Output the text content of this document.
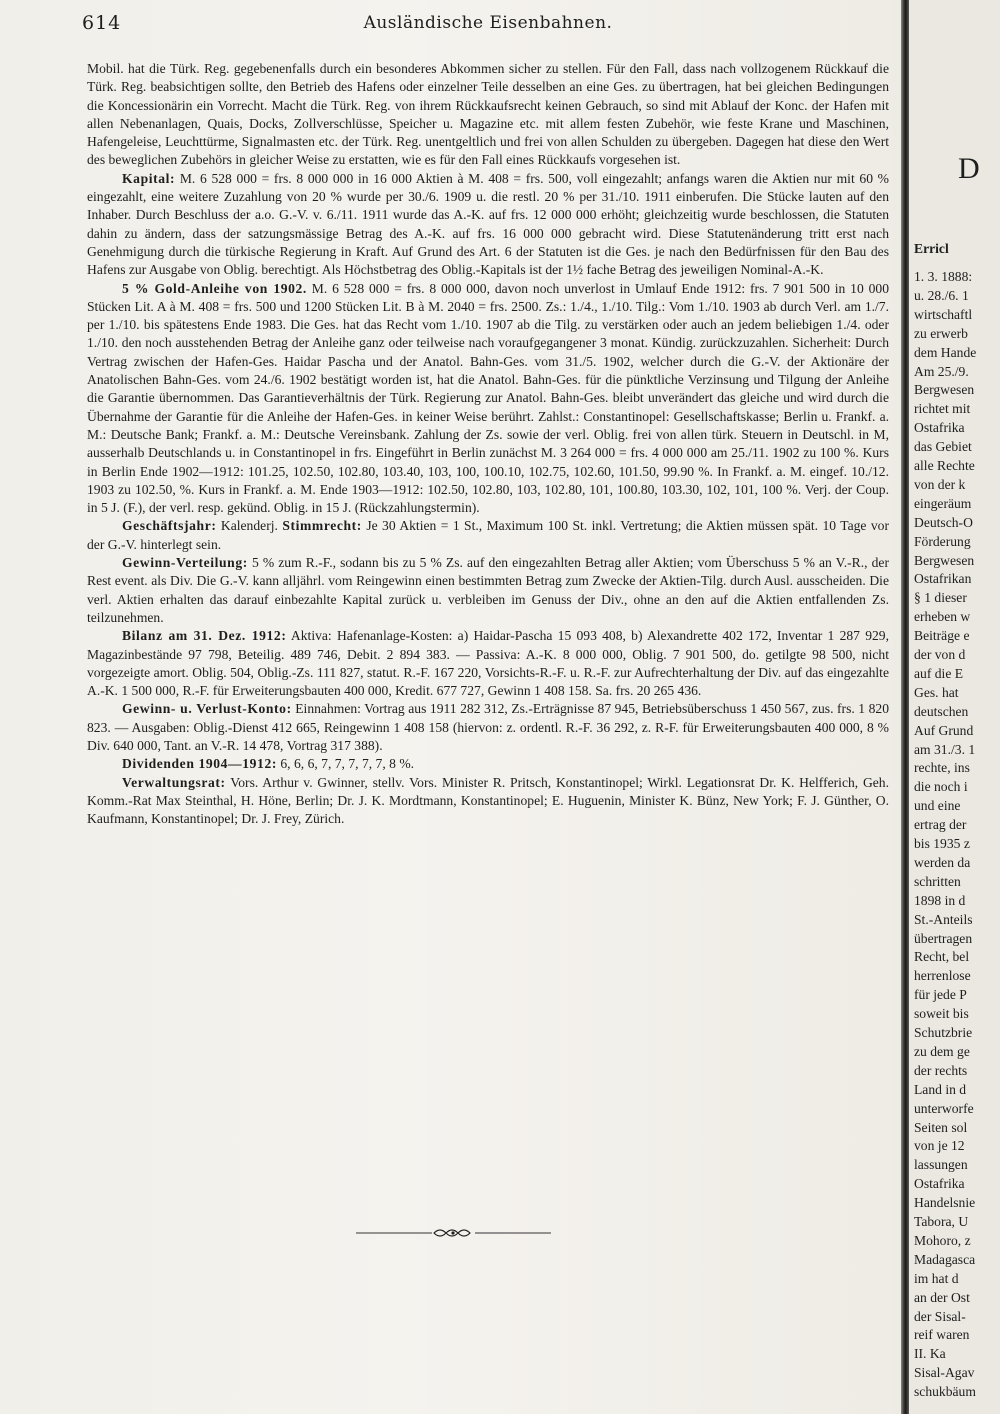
614	Ausländische Eisenbahnen.

Mobil. hat die Türk. Reg. gegebenenfalls durch ein besonderes Abkommen sicher zu stellen. Für den Fall, dass nach vollzogenem Rückkauf die Türk. Reg. beabsichtigen sollte, den Betrieb des Hafens oder einzelner Teile desselben an eine Ges. zu übertragen, hat bei gleichen Bedingungen die Koncessionärin ein Vorrecht. Macht die Türk. Reg. von ihrem Rückkaufsrecht keinen Gebrauch, so sind mit Ablauf der Konc. der Hafen mit allen Nebenanlagen, Quais, Docks, Zollverschlüsse, Speicher u. Magazine etc. mit allem festen Zubehör, wie feste Krane und Maschinen, Hafengeleise, Leuchttürme, Signalmasten etc. der Türk. Reg. unentgeltlich und frei von allen Schulden zu übergeben. Dagegen hat diese den Wert des beweglichen Zubehörs in gleicher Weise zu erstatten, wie es für den Fall eines Rückkaufs vorgesehen ist.

Kapital: M. 6 528 000 = frs. 8 000 000 in 16 000 Aktien à M. 408 = frs. 500, voll eingezahlt; anfangs waren die Aktien nur mit 60 % eingezahlt, eine weitere Zuzahlung von 20 % wurde per 30./6. 1909 u. die restl. 20 % per 31./10. 1911 einberufen. Die Stücke lauten auf den Inhaber. Durch Beschluss der a.o. G.-V. v. 6./11. 1911 wurde das A.-K. auf frs. 12 000 000 erhöht; gleichzeitig wurde beschlossen, die Statuten dahin zu ändern, dass der satzungsmässige Betrag des A.-K. auf frs. 16 000 000 gebracht wird. Diese Statutenänderung tritt erst nach Genehmigung durch die türkische Regierung in Kraft. Auf Grund des Art. 6 der Statuten ist die Ges. je nach den Bedürfnissen für den Bau des Hafens zur Ausgabe von Oblig. berechtigt. Als Höchstbetrag des Oblig.-Kapitals ist der 1½ fache Betrag des jeweiligen Nominal-A.-K.

5 % Gold-Anleihe von 1902. M. 6 528 000 = frs. 8 000 000, davon noch unverlost in Umlauf Ende 1912: frs. 7 901 500 in 10 000 Stücken Lit. A à M. 408 = frs. 500 und 1200 Stücken Lit. B à M. 2040 = frs. 2500. Zs.: 1./4., 1./10. Tilg.: Vom 1./10. 1903 ab durch Verl. am 1./7. per 1./10. bis spätestens Ende 1983. Die Ges. hat das Recht vom 1./10. 1907 ab die Tilg. zu verstärken oder auch an jedem beliebigen 1./4. oder 1./10. den noch ausstehenden Betrag der Anleihe ganz oder teilweise nach voraufgegangener 3 monat. Kündig. zurückzuzahlen. Sicherheit: Durch Vertrag zwischen der Hafen-Ges. Haidar Pascha und der Anatol. Bahn-Ges. vom 31./5. 1902, welcher durch die G.-V. der Aktionäre der Anatolischen Bahn-Ges. vom 24./6. 1902 bestätigt worden ist, hat die Anatol. Bahn-Ges. für die pünktliche Verzinsung und Tilgung der Anleihe die Garantie übernommen. Das Garantieverhältnis der Türk. Regierung zur Anatol. Bahn-Ges. bleibt unverändert das gleiche und wird durch die Übernahme der Garantie für die Anleihe der Hafen-Ges. in keiner Weise berührt. Zahlst.: Constantinopel: Gesellschaftskasse; Berlin u. Frankf. a. M.: Deutsche Bank; Frankf. a. M.: Deutsche Vereinsbank. Zahlung der Zs. sowie der verl. Oblig. frei von allen türk. Steuern in Deutschl. in M, ausserhalb Deutschlands u. in Constantinopel in frs. Eingeführt in Berlin zunächst M. 3 264 000 = frs. 4 000 000 am 25./11. 1902 zu 100 %. Kurs in Berlin Ende 1902—1912: 101.25, 102.50, 102.80, 103.40, 103, 100, 100.10, 102.75, 102.60, 101.50, 99.90 %. In Frankf. a. M. eingef. 10./12. 1903 zu 102.50, %. Kurs in Frankf. a. M. Ende 1903—1912: 102.50, 102.80, 103, 102.80, 101, 100.80, 103.30, 102, 101, 100 %. Verj. der Coup. in 5 J. (F.), der verl. resp. gekünd. Oblig. in 15 J. (Rückzahlungstermin).

Geschäftsjahr: Kalenderj. Stimmrecht: Je 30 Aktien = 1 St., Maximum 100 St. inkl. Vertretung; die Aktien müssen spät. 10 Tage vor der G.-V. hinterlegt sein.

Gewinn-Verteilung: 5 % zum R.-F., sodann bis zu 5 % Zs. auf den eingezahlten Betrag aller Aktien; vom Überschuss 5 % an V.-R., der Rest event. als Div. Die G.-V. kann alljährl. vom Reingewinn einen bestimmten Betrag zum Zwecke der Aktien-Tilg. durch Ausl. ausscheiden. Die verl. Aktien erhalten das darauf einbezahlte Kapital zurück u. verbleiben im Genuss der Div., ohne an den auf die Aktien entfallenden Zs. teilzunehmen.

Bilanz am 31. Dez. 1912: Aktiva: Hafenanlage-Kosten: a) Haidar-Pascha 15 093 408, b) Alexandrette 402 172, Inventar 1 287 929, Magazinbestände 97 798, Beteilig. 489 746, Debit. 2 894 383. — Passiva: A.-K. 8 000 000, Oblig. 7 901 500, do. getilgte 98 500, nicht vorgezeigte amort. Oblig. 504, Oblig.-Zs. 111 827, statut. R.-F. 167 220, Vorsichts-R.-F. u. R.-F. zur Aufrechterhaltung der Div. auf das eingezahlte A.-K. 1 500 000, R.-F. für Erweiterungsbauten 400 000, Kredit. 677 727, Gewinn 1 408 158. Sa. frs. 20 265 436.

Gewinn- u. Verlust-Konto: Einnahmen: Vortrag aus 1911 282 312, Zs.-Erträgnisse 87 945, Betriebsüberschuss 1 450 567, zus. frs. 1 820 823. — Ausgaben: Oblig.-Dienst 412 665, Reingewinn 1 408 158 (hiervon: z. ordentl. R.-F. 36 292, z. R-F. für Erweiterungsbauten 400 000, 8 % Div. 640 000, Tant. an V.-R. 14 478, Vortrag 317 388).

Dividenden 1904—1912: 6, 6, 6, 7, 7, 7, 7, 7, 8 %.

Verwaltungsrat: Vors. Arthur v. Gwinner, stellv. Vors. Minister R. Pritsch, Konstantinopel; Wirkl. Legationsrat Dr. K. Helfferich, Geh. Komm.-Rat Max Steinthal, H. Höne, Berlin; Dr. J. K. Mordtmann, Konstantinopel; E. Huguenin, Minister K. Bünz, New York; F. J. Günther, O. Kaufmann, Konstantinopel; Dr. J. Frey, Zürich.

D
Erricl
1. 3. 1888:
u. 28./6. 1
wirtschaftl
zu erwerb
dem Hande
Am 25./9.
Bergwesen
richtet mit
Ostafrika
das Gebiet
alle Rechte
von der k
eingeräum
Deutsch-O
Förderung
Bergwesen
Ostafrikan
§ 1 dieser
erheben w
Beiträge e
der von d
auf die E
Ges. hat
deutschen
Auf Grund
am 31./3. 1
rechte, ins
die noch i
und eine
ertrag der
bis 1935 z
werden da
schritten
1898 in d
St.-Anteils
übertragen
Recht, bel
herrenlose
für jede P
soweit bis
Schutzbrie
zu dem ge
der rechts
Land in d
unterworfe
Seiten sol
von je 12
lassungen
Ostafrika
Handelsnie
Tabora, U
Mohoro, z
Madagasca
im hat d
an der Ost
der Sisal-
reif waren
II. Ka
Sisal-Agav
schukbäum
